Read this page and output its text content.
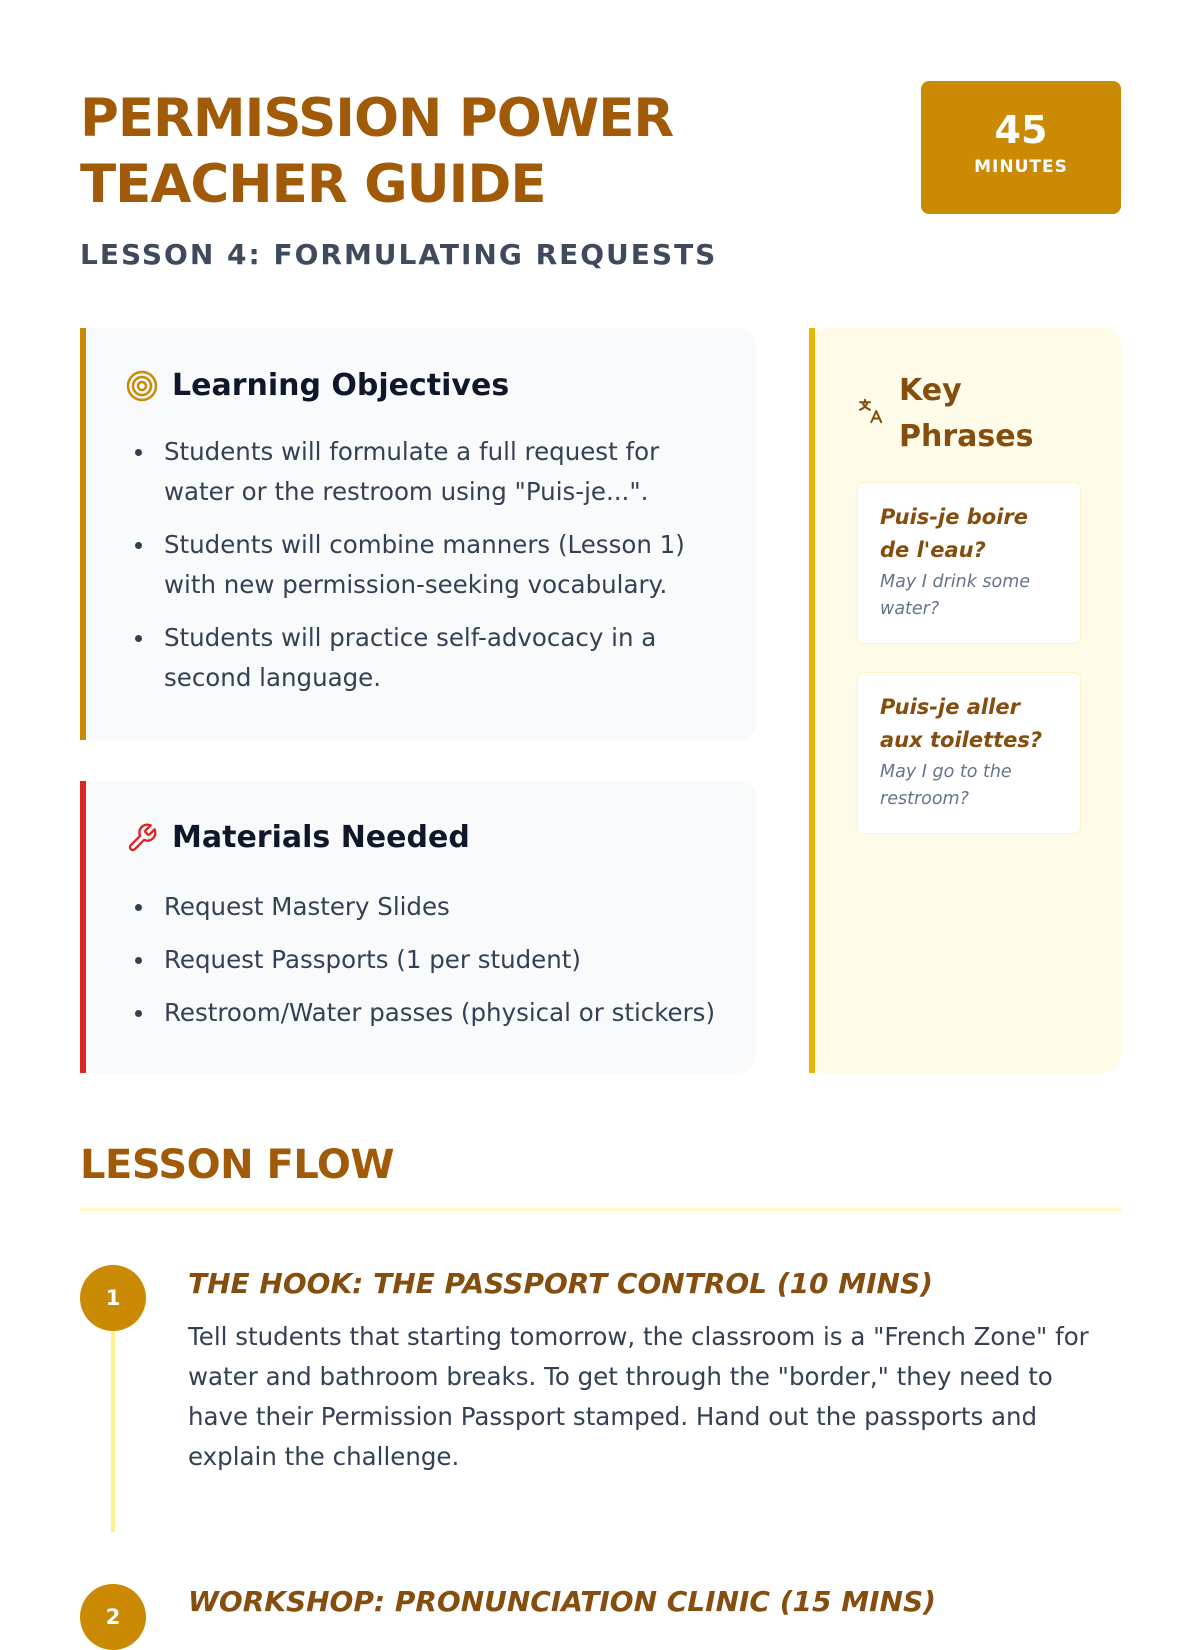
PERMISSION POWER
TEACHER GUIDE
LESSON 4: FORMULATING REQUESTS
45
MINUTES
Learning Objectives
Students will formulate a full request for water or the restroom using "Puis-je...".
Students will combine manners (Lesson 1) with new permission-seeking vocabulary.
Students will practice self-advocacy in a second language.
Materials Needed
Request Mastery Slides
Request Passports (1 per student)
Restroom/Water passes (physical or stickers)
Key
Phrases
Puis-je boire de l'eau?
May I drink some water?
Puis-je aller aux toilettes?
May I go to the restroom?
LESSON FLOW
1	THE HOOK: THE PASSPORT CONTROL (10 MINS)
Tell students that starting tomorrow, the classroom is a "French Zone" for water and bathroom breaks. To get through the "border," they need to have their Permission Passport stamped. Hand out the passports and explain the challenge.
2	WORKSHOP: PRONUNCIATION CLINIC (15 MINS)
